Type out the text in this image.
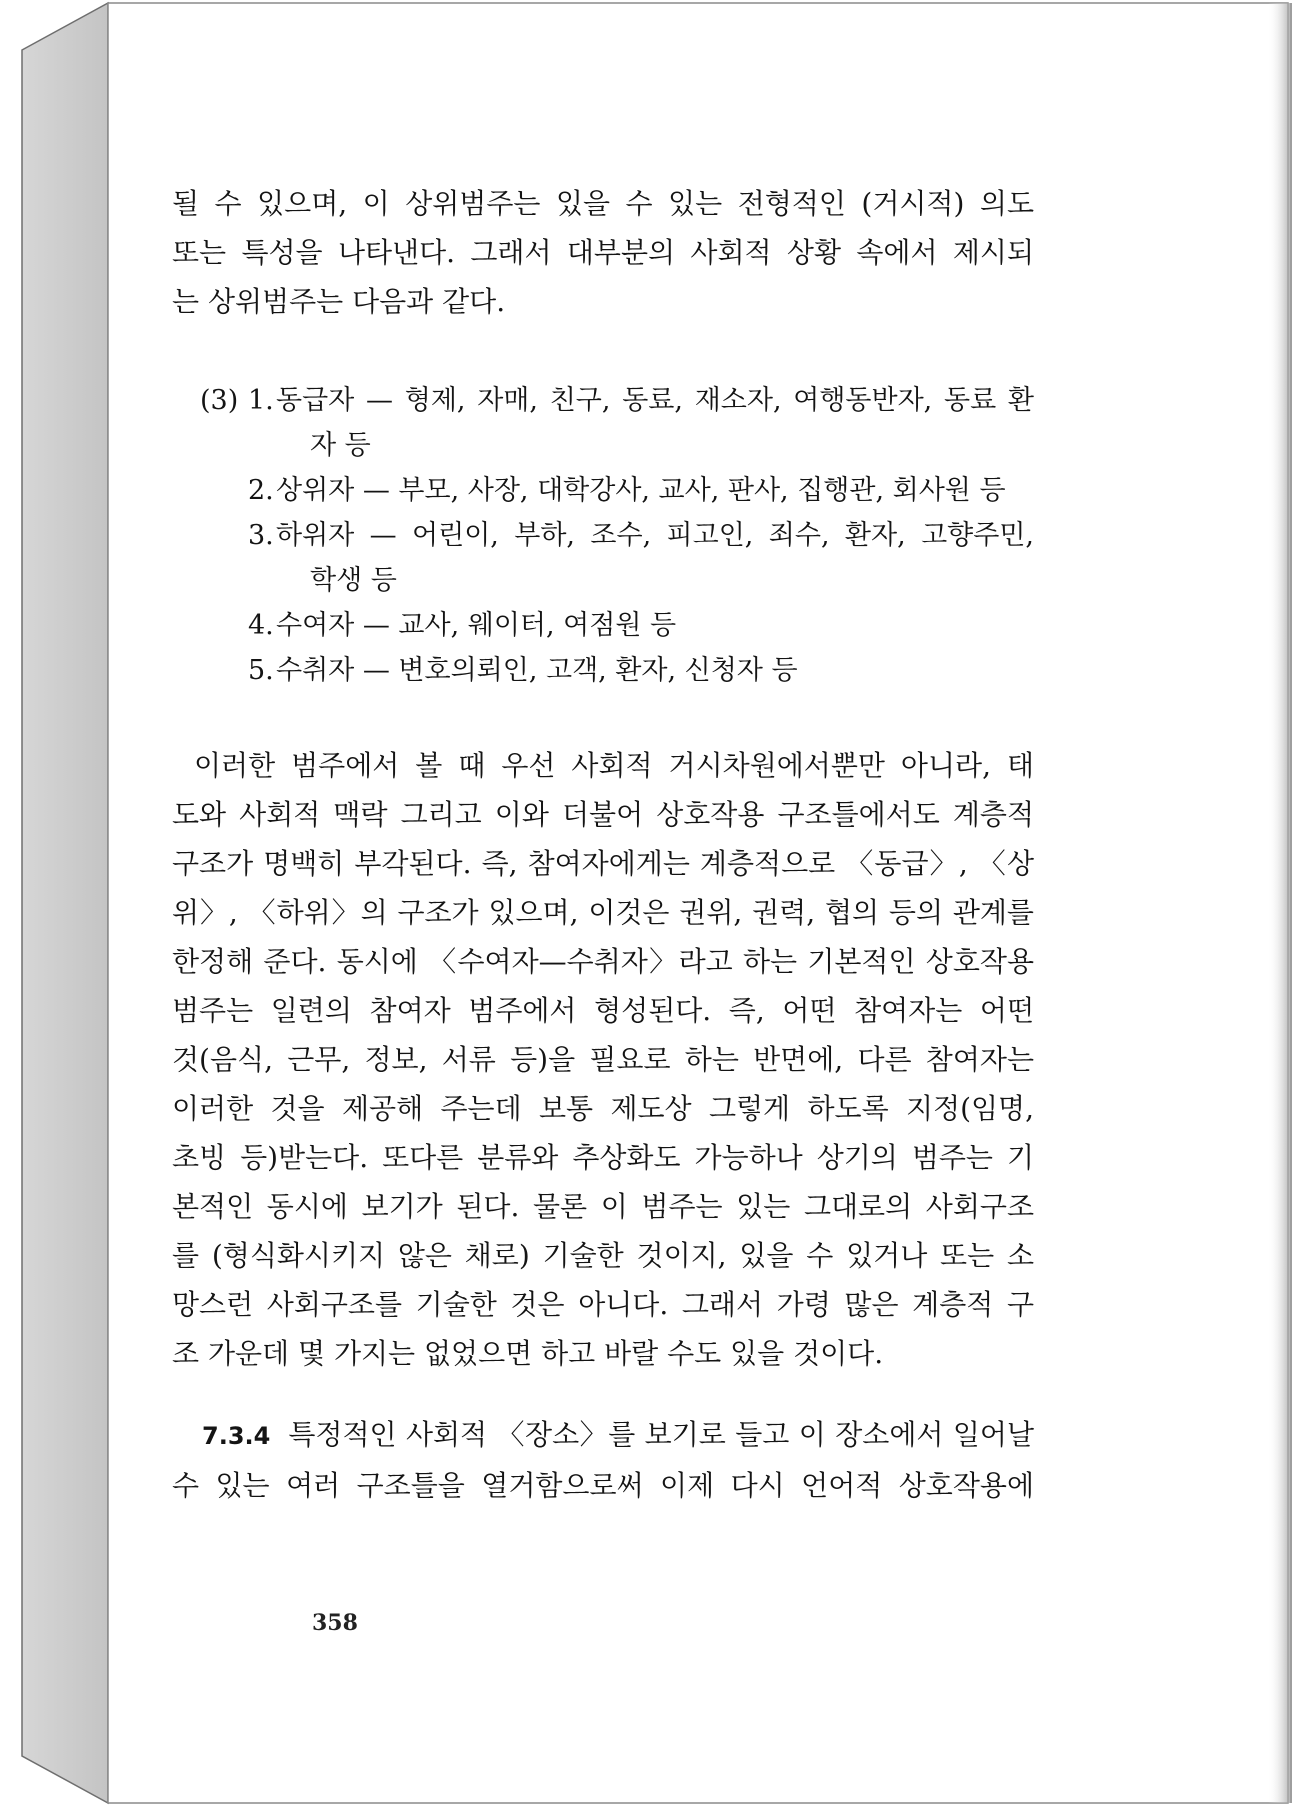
될 수 있으며, 이 상위범주는 있을 수 있는 전형적인 (거시적) 의도
또는 특성을 나타낸다. 그래서 대부분의 사회적 상황 속에서 제시되
는 상위범주는 다음과 같다.
(3) 1. 동급자 — 형제, 자매, 친구, 동료, 재소자, 여행동반자, 동료 환
자 등
2. 상위자 — 부모, 사장, 대학강사, 교사, 판사, 집행관, 회사원 등
3. 하위자 — 어린이, 부하, 조수, 피고인, 죄수, 환자, 고향주민,
학생 등
4. 수여자 — 교사, 웨이터, 여점원 등
5. 수취자 — 변호의뢰인, 고객, 환자, 신청자 등
이러한 범주에서 볼 때 우선 사회적 거시차원에서뿐만 아니라, 태
도와 사회적 맥락 그리고 이와 더불어 상호작용 구조틀에서도 계층적
구조가 명백히 부각된다. 즉, 참여자에게는 계층적으로 〈동급〉, 〈상
위〉, 〈하위〉의 구조가 있으며, 이것은 권위, 권력, 협의 등의 관계를
한정해 준다. 동시에 〈수여자—수취자〉라고 하는 기본적인 상호작용
범주는 일련의 참여자 범주에서 형성된다. 즉, 어떤 참여자는 어떤
것(음식, 근무, 정보, 서류 등)을 필요로 하는 반면에, 다른 참여자는
이러한 것을 제공해 주는데 보통 제도상 그렇게 하도록 지정(임명,
초빙 등)받는다. 또다른 분류와 추상화도 가능하나 상기의 범주는 기
본적인 동시에 보기가 된다. 물론 이 범주는 있는 그대로의 사회구조
를 (형식화시키지 않은 채로) 기술한 것이지, 있을 수 있거나 또는 소
망스런 사회구조를 기술한 것은 아니다. 그래서 가령 많은 계층적 구
조 가운데 몇 가지는 없었으면 하고 바랄 수도 있을 것이다.
7.3.4 특정적인 사회적 〈장소〉를 보기로 들고 이 장소에서 일어날
수 있는 여러 구조틀을 열거함으로써 이제 다시 언어적 상호작용에
358
